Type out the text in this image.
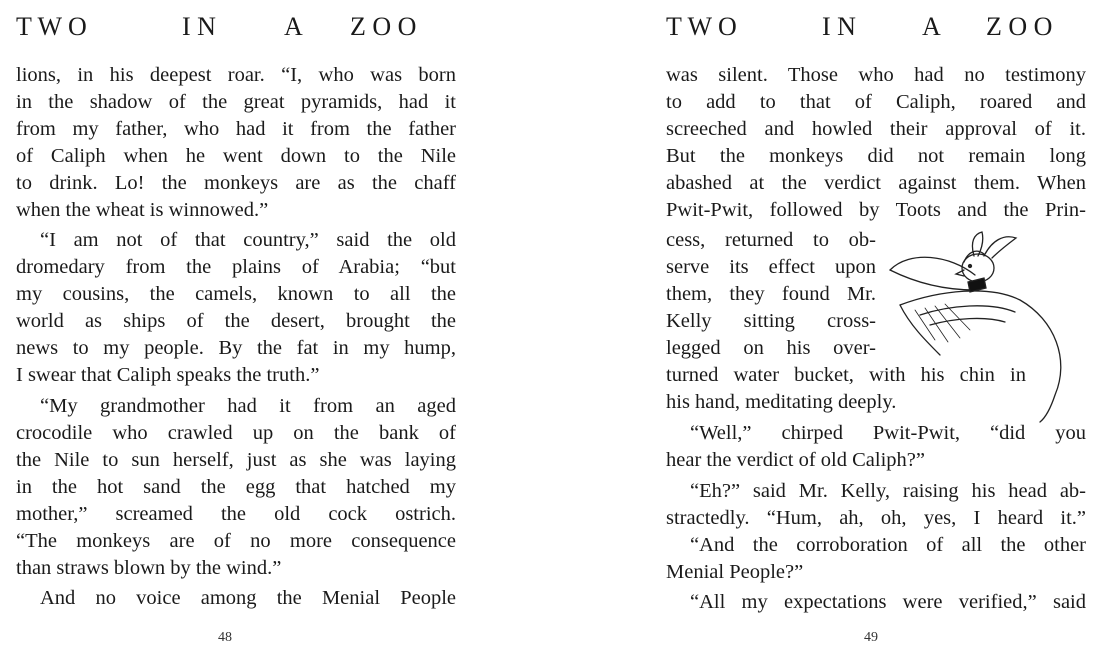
T W O	I N	A Z O O
lions, in his deepest roar. “I, who was born
in the shadow of the great pyramids, had it
from my father, who had it from the father
of Caliph when he went down to the Nile
to drink. Lo! the monkeys are as the chaff
when the wheat is winnowed.”
“I am not of that country,” said the old
dromedary from the plains of Arabia; “but
my cousins, the camels, known to all the
world as ships of the desert, brought the
news to my people. By the fat in my hump,
I swear that Caliph speaks the truth.”
“My grandmother had it from an aged
crocodile who crawled up on the bank of
the Nile to sun herself, just as she was laying
in the hot sand the egg that hatched my
mother,” screamed the old cock ostrich.
“The monkeys are of no more consequence
than straws blown by the wind.”
And no voice among the Menial People
48
T W O	I N	A Z O O
was silent. Those who had no testimony
to add to that of Caliph, roared and
screeched and howled their approval of it.
But the monkeys did not remain long
abashed at the verdict against them. When
Pwit-Pwit, followed by Toots and the Prin-
cess, returned to ob-
serve its effect upon
them, they found Mr.
Kelly sitting cross-
legged on his over-
turned water bucket, with his chin in
his hand, meditating deeply.
“Well,” chirped Pwit-Pwit, “did you
hear the verdict of old Caliph?”
“Eh?” said Mr. Kelly, raising his head ab-
stractedly. “Hum, ah, oh, yes, I heard it.”
“And the corroboration of all the other
Menial People?”
“All my expectations were verified,” said
49
